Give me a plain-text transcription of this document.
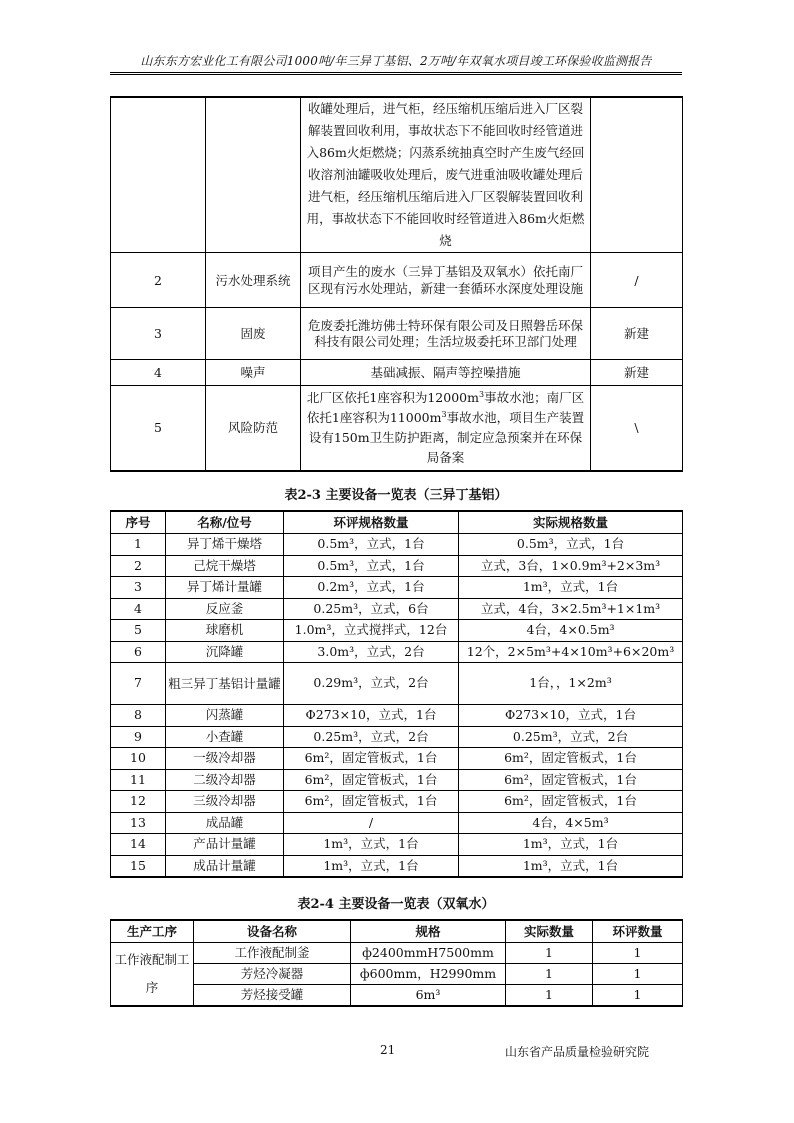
山东东方宏业化工有限公司1000吨/年三异丁基铝、2万吨/年双氧水项目竣工环保验收监测报告
		收罐处理后，进气柜，经压缩机压缩后进入厂区裂解装置回收利用，事故状态下不能回收时经管道进入86m火炬燃烧；闪蒸系统抽真空时产生废气经回收溶剂油罐吸收处理后，废气进重油吸收罐处理后进气柜，经压缩机压缩后进入厂区裂解装置回收利用，事故状态下不能回收时经管道进入86m火炬燃烧	
2	污水处理系统	项目产生的废水（三异丁基铝及双氧水）依托南厂区现有污水处理站，新建一套循环水深度处理设施	/
3	固废	危废委托潍坊佛士特环保有限公司及日照磐岳环保科技有限公司处理；生活垃圾委托环卫部门处理	新建
4	噪声	基础减振、隔声等控噪措施	新建
5	风险防范	北厂区依托1座容积为$12000m^3$事故水池；南厂区依托1座容积为$11000m^3$事故水池，项目生产装置设有150m卫生防护距离，制定应急预案并在环保局备案	\
表2-3 主要设备一览表（三异丁基铝）
序号	名称/位号	环评规格数量	实际规格数量
1	异丁烯干燥塔	0.5m³，立式，1台	0.5m³，立式，1台
2	己烷干燥塔	0.5m³，立式，1台	立式，3台，1×0.9m³+2×3m³
3	异丁烯计量罐	0.2m³，立式，1台	1m³，立式，1台
4	反应釜	0.25m³，立式，6台	立式，4台，3×2.5m³+1×1m³
5	球磨机	1.0m³，立式搅拌式，12台	4台，4×0.5m³
6	沉降罐	3.0m³，立式，2台	12个，2×5m³+4×10m³+6×20m³
7	粗三异丁基铝计量罐	0.29m³，立式，2台	1台，，1×2m³
8	闪蒸罐	Φ273×10，立式，1台	Φ273×10，立式，1台
9	小查罐	0.25m³，立式，2台	0.25m³，立式，2台
10	一级冷却器	6m²，固定管板式，1台	6m²，固定管板式，1台
11	二级冷却器	6m²，固定管板式，1台	6m²，固定管板式，1台
12	三级冷却器	6m²，固定管板式，1台	6m²，固定管板式，1台
13	成品罐	/	4台，4×5m³
14	产品计量罐	1m³，立式，1台	1m³，立式，1台
15	成品计量罐	1m³，立式，1台	1m³，立式，1台
表2-4 主要设备一览表（双氧水）
生产工序	设备名称	规格	实际数量	环评数量
工作液配制工序	工作液配制釜	ф2400mmH7500mm	1	1
	芳烃冷凝器	ф600mm，H2990mm	1	1
	芳烃接受罐	6m³	1	1
21	山东省产品质量检验研究院
